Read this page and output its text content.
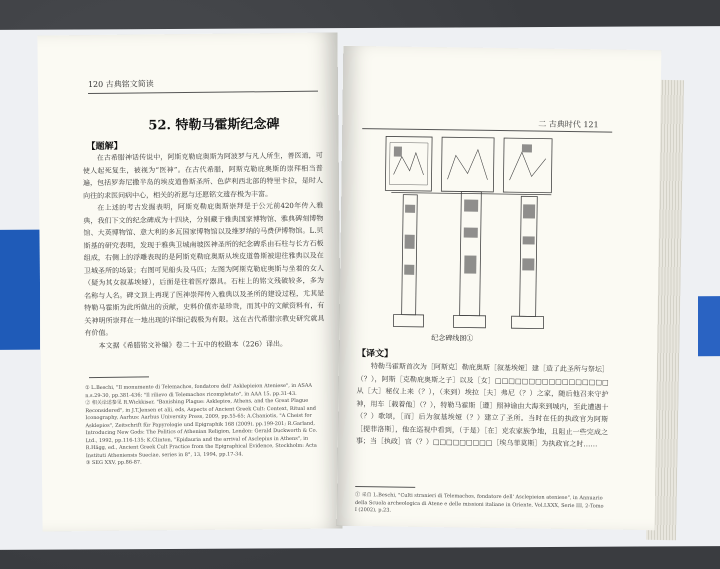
120 古典铭文简读
52. 特勒马霍斯纪念碑
【题解】

在古希腊神话传说中，阿斯克勒庇奥斯为阿波罗与凡人所生，善医道，可使人起死复生，被视为“医神”。在古代希腊，阿斯克勒庇奥斯的崇拜相当普遍，包括罗奔尼撒半岛的埃皮道鲁斯圣所、色萨利西北部的特里卡拉，是时人向往的求医问病中心，相关的祈愿与还愿铭文遗存极为丰富。

在上述的考古发掘表明，阿斯克勒庇奥斯崇拜是于公元前420年传入雅典，我们下文的纪念碑成为十四块，分别藏于雅典国家博物馆、雅典碑刻博物馆、大英博物馆、意大利的多瓦国家博物馆以及维罗纳的马费伊博物馆。L.贝斯基的研究表明，发现于雅典卫城南坡医神圣所的纪念碑系由石柱与长方石板组成，右侧上的浮雕表现的是阿斯克勒庇奥斯从埃皮道鲁斯被迎往雅典以及在卫城圣所的场景；右图可见船头及马匹；左图为阿斯克勒庇奥斯与坐着的女人（疑为其女叙基埃娅），后面是往着医疗器具。石柱上的铭文残破较多，多为名称与人名。碑文顶上再现了医神崇拜传入雅典以及圣所的建设过程，尤其是特勒马霍斯为此所做出的贡献，史料价值亦是珍贵，而其中的文献资料有，有关神明所崇拜在一地出现的详细记载极为有限。这在古代希腊宗教史研究就具有价值。

本文据《希腊铭文补编》卷二十五中的校勘本（226）译出。

① L.Beschi, "Il monumento di Telemachos, fondatore dell' Asklepieion Ateniese", in ASAA n.s.29-30, pp.381-436; "Il rilievo di Telemachos ricompletato", in AAA 15, pp.31-43.
② 相关论述参见 R.Wickkiser, "Banishing Plague: Asklepios, Athens, and the Great Plague Reconsidered", in J.T.Jensen et alii, eds, Aspects of Ancient Greek Cult: Context, Ritual and Iconography, Aarhus: Aarhus University Press, 2009, pp.55-65; A.Chaniotis, "A Cheist for Asklepios", Zeitschrift für Papyrologie und Epigraphik 168 (2009), pp.199-201; R.Garland, Introducing New Gods: The Politics of Athenian Religion, London: Gerald Duckworth & Co. Ltd., 1992, pp.116-135; K.Clinton, "Epidauria and the arrival of Asclepius in Athens", in R.Hägg, ed., Ancient Greek Cult Practice from the Epigraphical Evidence, Stockholm: Acta Instituti Atheniensis Sueciae, series in 8°, 13, 1994, pp.17-34.
③ SEG XXV, pp.86-87.
二 古典时代 121
纪念碑线图①
【译文】

特勒马霍斯首次为［阿斯克］勒庇奥斯［叙基埃娅］建［造了此圣所与祭坛］（？），阿斯［克勒庇奥斯之子］以及［女］□□□□□□□□□□□□□□□□□从［大］秘仪上来（？），（来到）埃拉［夫］弗尼（？）之家，随后他召来守护神，用车［载着他］（？），特勒马霍斯［遵］照神谕由大海来到城内，至此遭遇十（？）歌颂，［而］后为叙基埃娅（？）建立了圣所。当时在任的执政官为阿斯［提菲洛斯］，他在巡视中看到，（于是）［在］克农家族争地，且阻止一些完成之事；当［执政］官（？）□□□□□□□□□［埃乌菲莫斯］为执政官之时……

① 采自 L.Beschi, "Culti stranieri di Telemachos, fondatore dell' Asclepieion ateniese", in Annuario della Scuola archeologica di Atene e delle missioni italiane in Oriente, Vol.LXXX, Serie III, 2-Tomo I (2002), p.23.
